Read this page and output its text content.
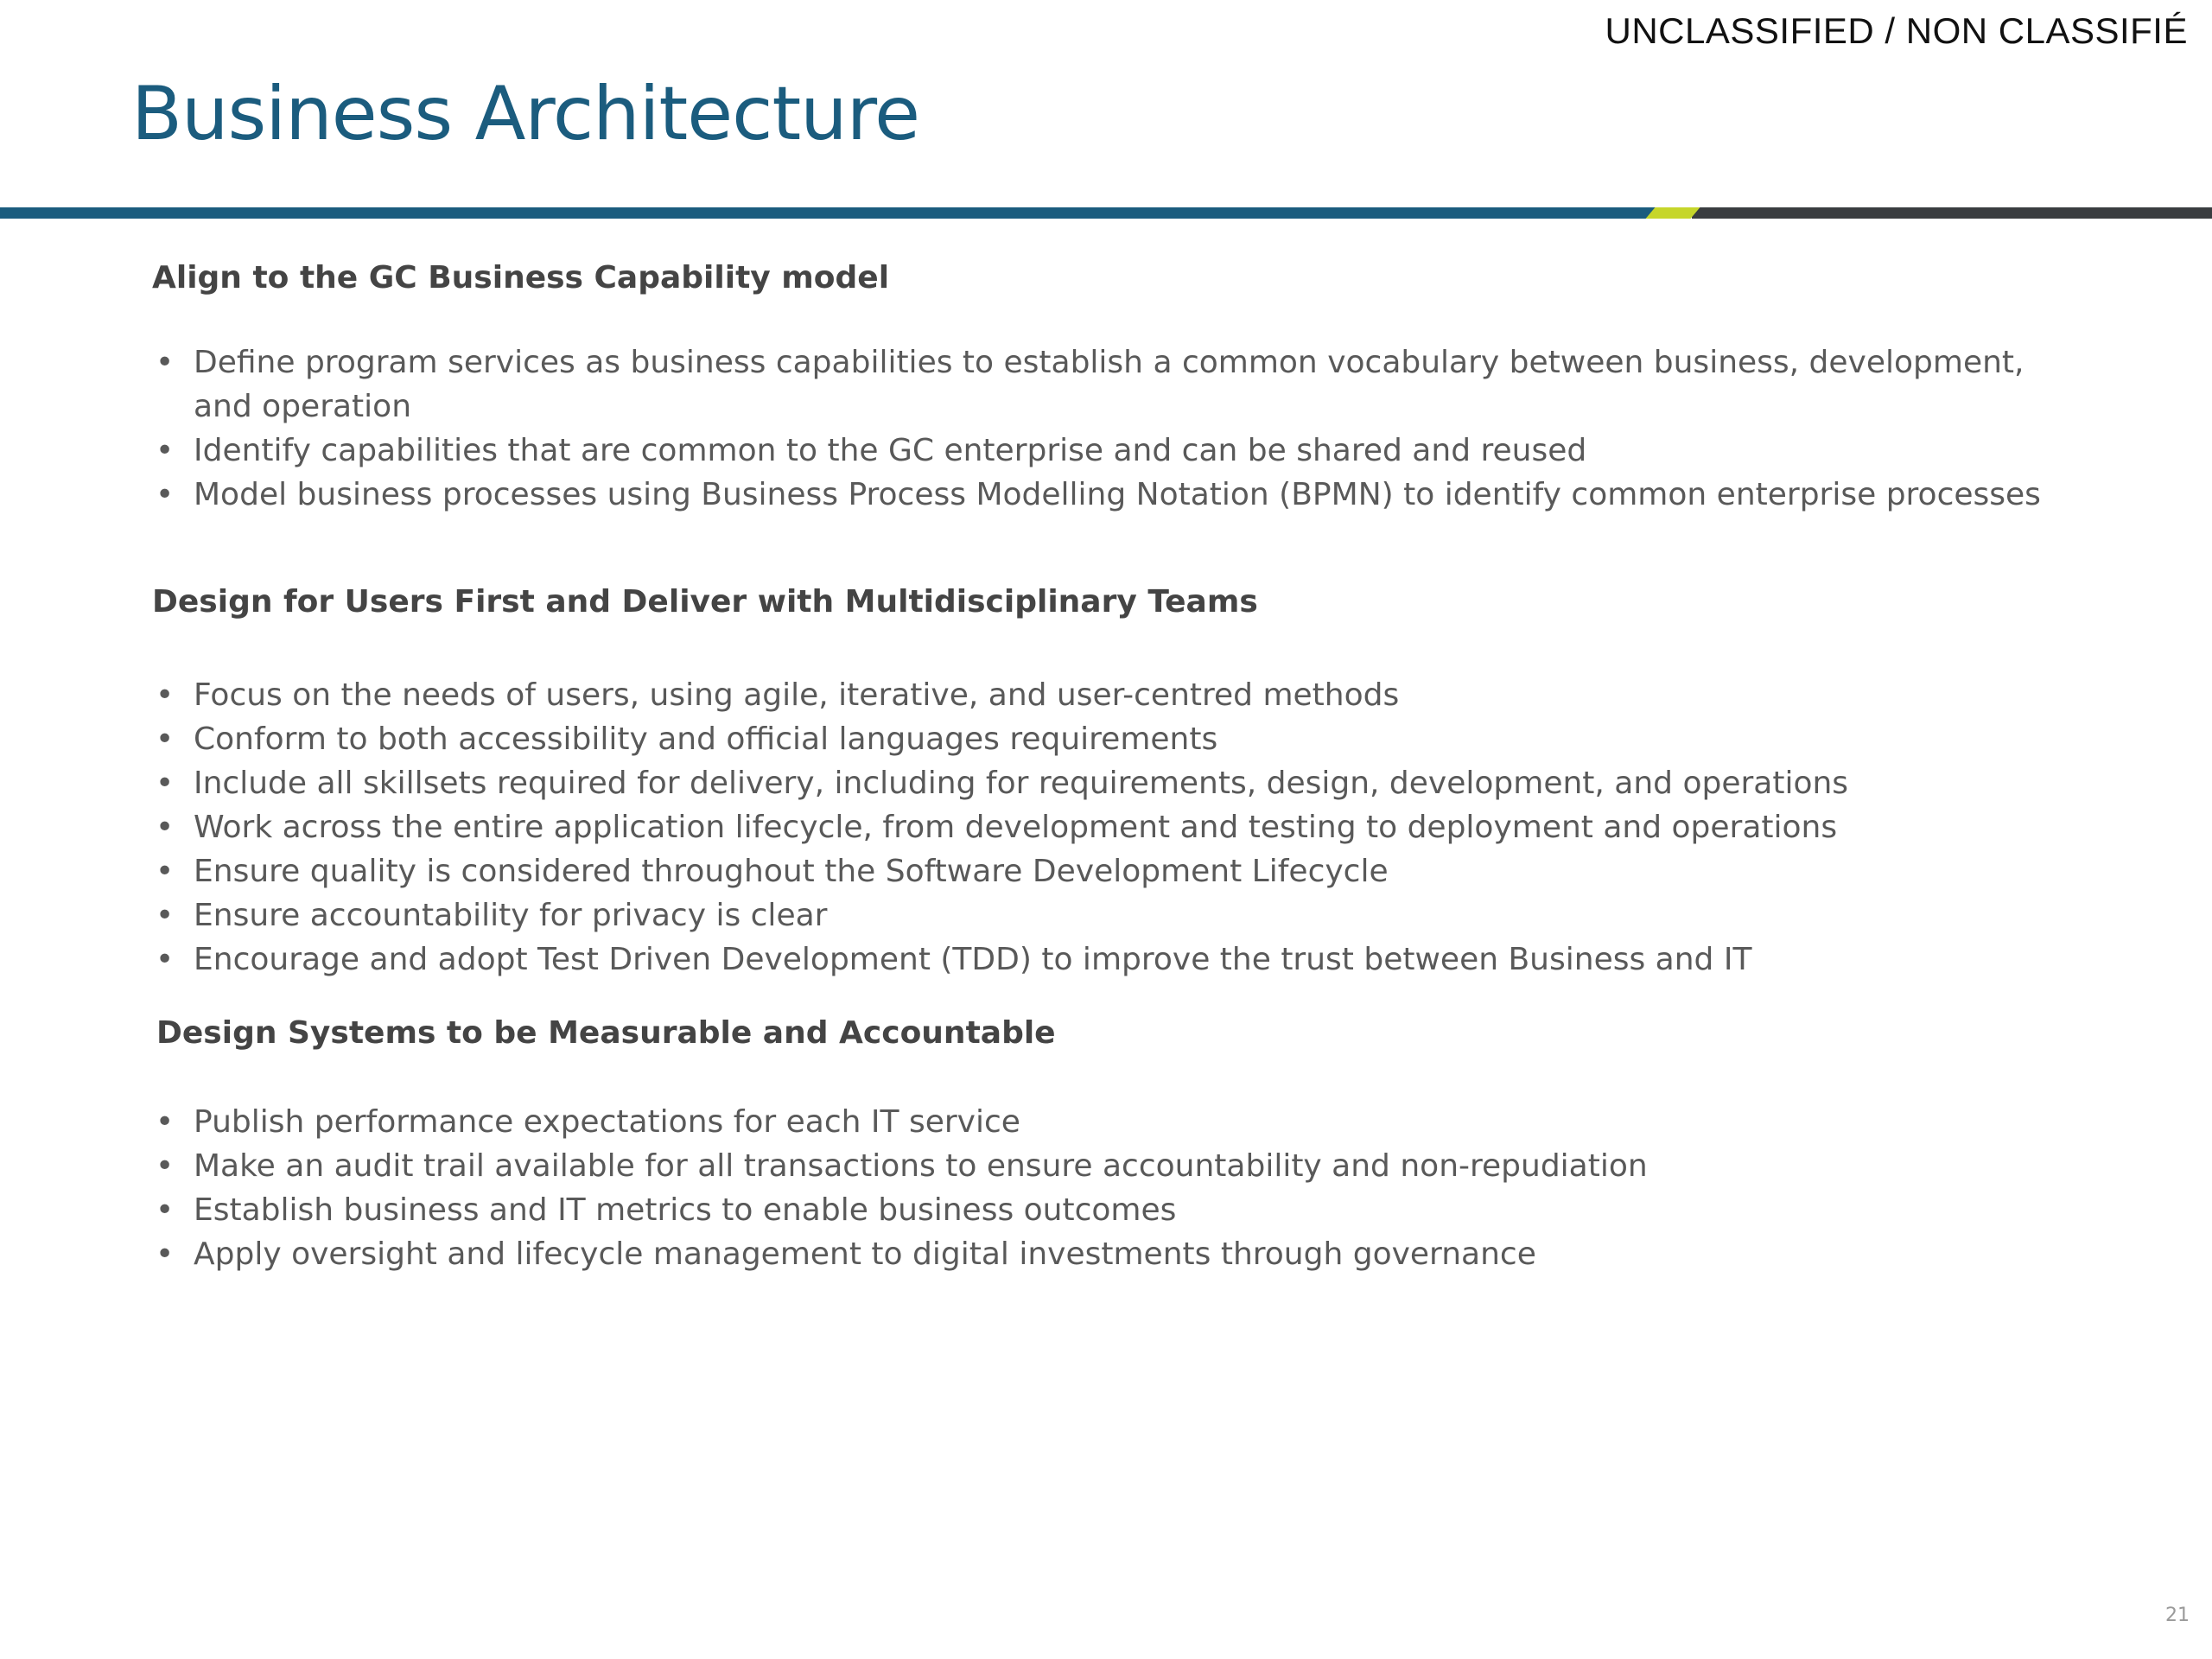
UNCLASSIFIED / NON CLASSIFIÉ
Business Architecture
Align to the GC Business Capability model
• Define program services as business capabilities to establish a common vocabulary between business, development, and operation
• Identify capabilities that are common to the GC enterprise and can be shared and reused
• Model business processes using Business Process Modelling Notation (BPMN) to identify common enterprise processes
Design for Users First and Deliver with Multidisciplinary Teams
• Focus on the needs of users, using agile, iterative, and user-centred methods
• Conform to both accessibility and official languages requirements
• Include all skillsets required for delivery, including for requirements, design, development, and operations
• Work across the entire application lifecycle, from development and testing to deployment and operations
• Ensure quality is considered throughout the Software Development Lifecycle
• Ensure accountability for privacy is clear
• Encourage and adopt Test Driven Development (TDD) to improve the trust between Business and IT
Design Systems to be Measurable and Accountable
• Publish performance expectations for each IT service
• Make an audit trail available for all transactions to ensure accountability and non-repudiation
• Establish business and IT metrics to enable business outcomes
• Apply oversight and lifecycle management to digital investments through governance
21
